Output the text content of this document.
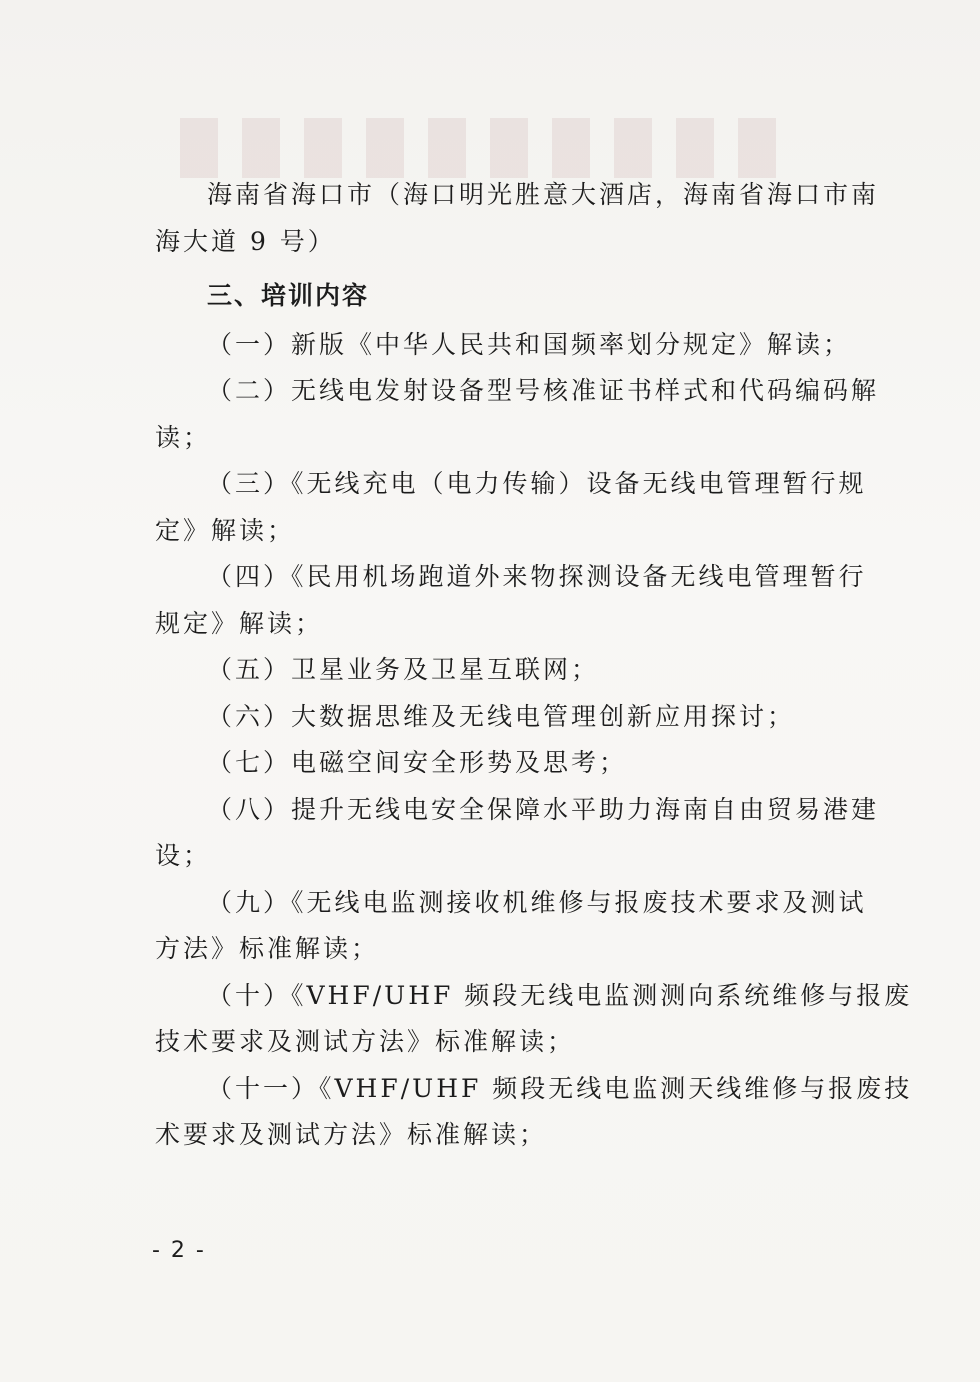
海南省海口市（海口明光胜意大酒店，海南省海口市南
海大道 9 号）
三、培训内容
（一）新版《中华人民共和国频率划分规定》解读；
（二）无线电发射设备型号核准证书样式和代码编码解
读；
（三）《无线充电（电力传输）设备无线电管理暂行规
定》解读；
（四）《民用机场跑道外来物探测设备无线电管理暂行
规定》解读；
（五）卫星业务及卫星互联网；
（六）大数据思维及无线电管理创新应用探讨；
（七）电磁空间安全形势及思考；
（八）提升无线电安全保障水平助力海南自由贸易港建
设；
（九）《无线电监测接收机维修与报废技术要求及测试
方法》标准解读；
（十）《VHF/UHF 频段无线电监测测向系统维修与报废
技术要求及测试方法》标准解读；
（十一）《VHF/UHF 频段无线电监测天线维修与报废技
术要求及测试方法》标准解读；
- 2 -
